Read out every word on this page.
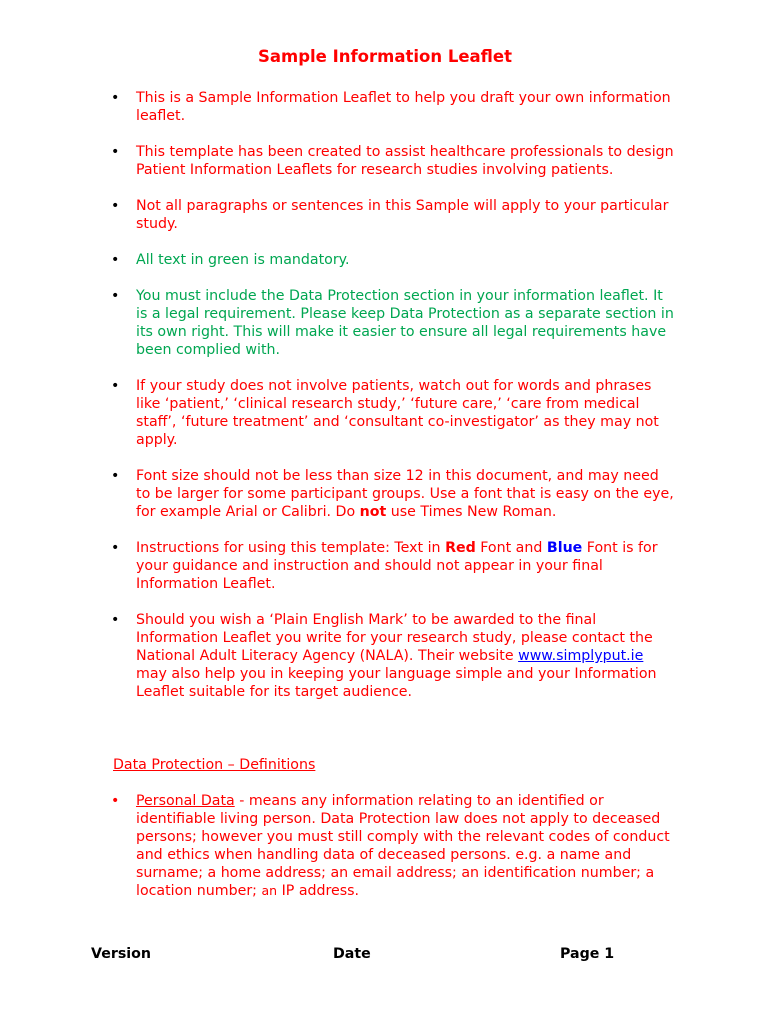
Sample Information Leaflet
• This is a Sample Information Leaflet to help you draft your own information leaflet.
• This template has been created to assist healthcare professionals to design Patient Information Leaflets for research studies involving patients.
• Not all paragraphs or sentences in this Sample will apply to your particular study.
• All text in green is mandatory.
• You must include the Data Protection section in your information leaflet. It is a legal requirement. Please keep Data Protection as a separate section in its own right. This will make it easier to ensure all legal requirements have been complied with.
• If your study does not involve patients, watch out for words and phrases like ‘patient,’ ‘clinical research study,’ ‘future care,’ ‘care from medical staff’, ‘future treatment’ and ‘consultant co-investigator’ as they may not apply.
• Font size should not be less than size 12 in this document, and may need to be larger for some participant groups. Use a font that is easy on the eye, for example Arial or Calibri. Do not use Times New Roman.
• Instructions for using this template: Text in Red Font and Blue Font is for your guidance and instruction and should not appear in your final Information Leaflet.
• Should you wish a ‘Plain English Mark’ to be awarded to the final Information Leaflet you write for your research study, please contact the National Adult Literacy Agency (NALA). Their website www.simplyput.ie may also help you in keeping your language simple and your Information Leaflet suitable for its target audience.
Data Protection – Definitions
• Personal Data - means any information relating to an identified or identifiable living person. Data Protection law does not apply to deceased persons; however you must still comply with the relevant codes of conduct and ethics when handling data of deceased persons. e.g. a name and surname; a home address; an email address; an identification number; a location number; an IP address.
Version	Date	Page 1
